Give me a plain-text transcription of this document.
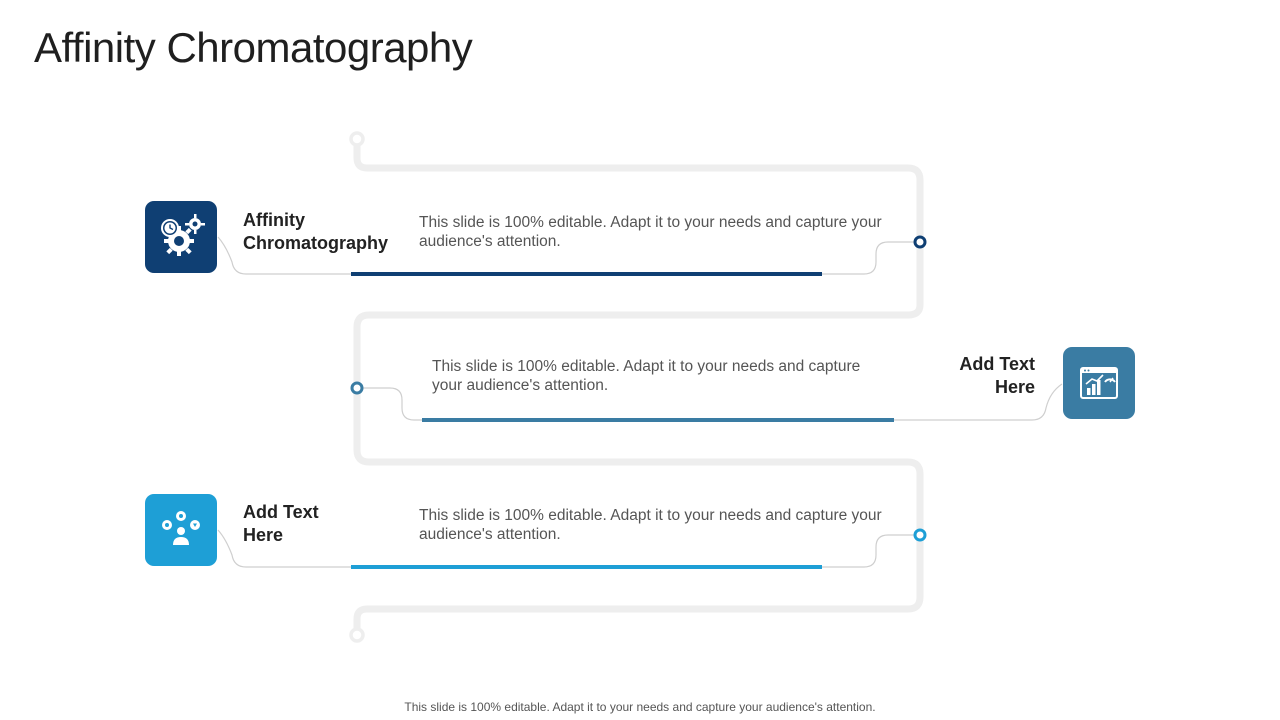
Affinity Chromatography
Affinity Chromatography
This slide is 100% editable. Adapt it to your needs and capture your audience's attention.
This slide is 100% editable. Adapt it to your needs and capture your audience's attention.
Add Text Here
Add Text Here
This slide is 100% editable. Adapt it to your needs and capture your audience's attention.
This slide is 100% editable. Adapt it to your needs and capture your audience's attention.
